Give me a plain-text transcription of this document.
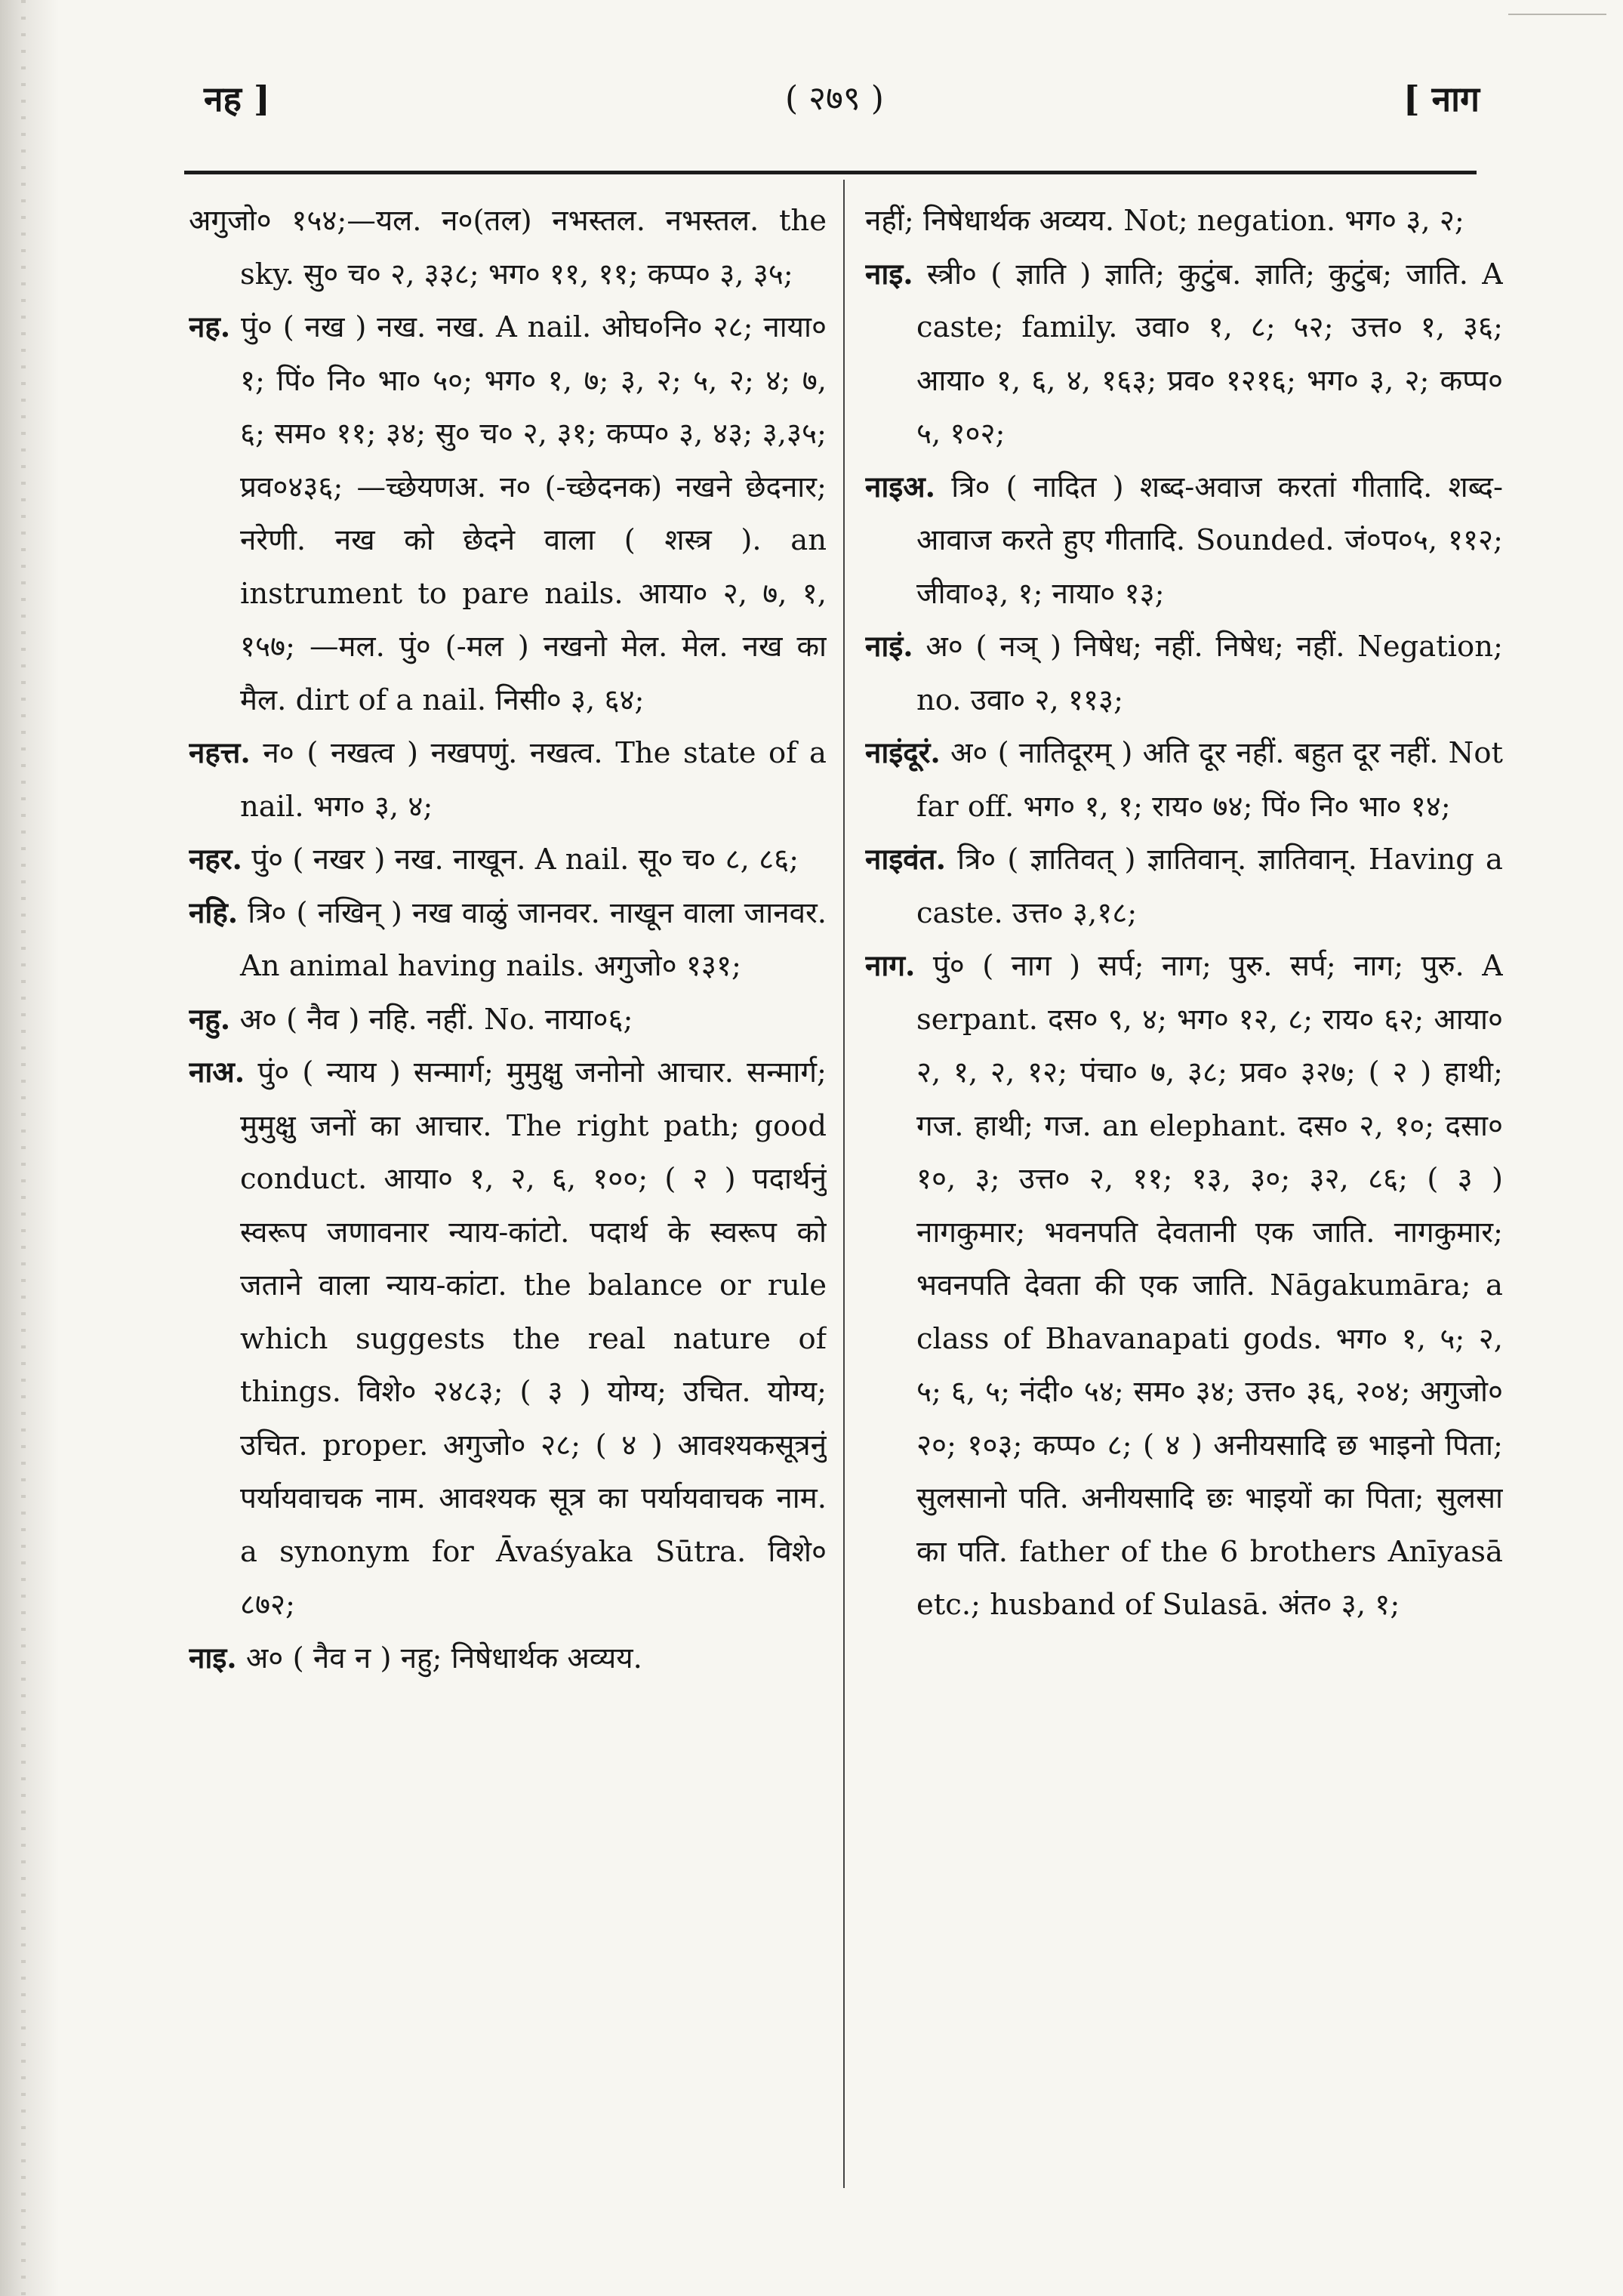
नह ]	( २७९ )	[ नाग

अगुजो० १५४;—यल. न०(तल) नभस्तल. नभस्तल. the sky. सु० च० २, ३३८; भग० ११, ११; कप्प० ३, ३५;

नह. पुं० ( नख ) नख. नख. A nail. ओघ०नि० २८; नाया० १; पिं० नि० भा० ५०; भग० १, ७; ३, २; ५, २; ४; ७, ६; सम० ११; ३४; सु० च० २, ३१; कप्प० ३, ४३; ३,३५; प्रव०४३६; —च्छेयणअ. न० (-च्छेदनक) नखने छेदनार; नरेणी. नख को छेदने वाला ( शस्त्र ). an instrument to pare nails. आया० २, ७, १, १५७; —मल. पुं० (-मल ) नखनो मेल. मेल. नख का मैल. dirt of a nail. निसी० ३, ६४;

नहत्त. न० ( नखत्व ) नखपणुं. नखत्व. The state of a nail. भग० ३, ४;

नहर. पुं० ( नखर ) नख. नाखून. A nail. सू० च० ८, ८६;

नहि. त्रि० ( नखिन् ) नख वाळुं जानवर. नाखून वाला जानवर. An animal having nails. अगुजो० १३१;

नहु. अ० ( नैव ) नहि. नहीं. No. नाया०६;

नाअ. पुं० ( न्याय ) सन्मार्ग; मुमुक्षु जनोनो आचार. सन्मार्ग; मुमुक्षु जनों का आचार. The right path; good conduct. आया० १, २, ६, १००; ( २ ) पदार्थनुं स्वरूप जणावनार न्याय-कांटो. पदार्थ के स्वरूप को जताने वाला न्याय-कांटा. the balance or rule which suggests the real nature of things. विशे० २४८३; ( ३ ) योग्य; उचित. योग्य; उचित. proper. अगुजो० २८; ( ४ ) आवश्यकसूत्रनुं पर्यायवाचक नाम. आवश्यक सूत्र का पर्यायवाचक नाम. a synonym for Āvaśyaka Sūtra. विशे० ८७२;

नाइ. अ० ( नैव न ) नहु; निषेधार्थक अव्यय.

नहीं; निषेधार्थक अव्यय. Not; negation. भग० ३, २;

नाइ. स्त्री० ( ज्ञाति ) ज्ञाति; कुटुंब. ज्ञाति; कुटुंब; जाति. A caste; family. उवा० १, ८; ५२; उत्त० १, ३६; आया० १, ६, ४, १६३; प्रव० १२१६; भग० ३, २; कप्प० ५, १०२;

नाइअ. त्रि० ( नादित ) शब्द-अवाज करतां गीतादि. शब्द-आवाज करते हुए गीतादि. Sounded. जं०प०५, ११२; जीवा०३, १; नाया० १३;

नाइं. अ० ( नञ् ) निषेध; नहीं. निषेध; नहीं. Negation; no. उवा० २, ११३;

नाइंदूरं. अ० ( नातिदूरम् ) अति दूर नहीं. बहुत दूर नहीं. Not far off. भग० १, १; राय० ७४; पिं० नि० भा० १४;

नाइवंत. त्रि० ( ज्ञातिवत् ) ज्ञातिवान्. ज्ञातिवान्. Having a caste. उत्त० ३,१८;

नाग. पुं० ( नाग ) सर्प; नाग; पुरु. सर्प; नाग; पुरु. A serpant. दस० ९, ४; भग० १२, ८; राय० ६२; आया० २, १, २, १२; पंचा० ७, ३८; प्रव० ३२७; ( २ ) हाथी; गज. हाथी; गज. an elephant. दस० २, १०; दसा० १०, ३; उत्त० २, ११; १३, ३०; ३२, ८६; ( ३ ) नागकुमार; भवनपति देवतानी एक जाति. नागकुमार; भवनपति देवता की एक जाति. Nāgakumāra; a class of Bhavanapati gods. भग० १, ५; २, ५; ६, ५; नंदी० ५४; सम० ३४; उत्त० ३६, २०४; अगुजो० २०; १०३; कप्प० ८; ( ४ ) अनीयसादि छ भाइनो पिता; सुलसानो पति. अनीयसादि छः भाइयों का पिता; सुलसा का पति. father of the 6 brothers Anīyasā etc.; husband of Sulasā. अंत० ३, १;
